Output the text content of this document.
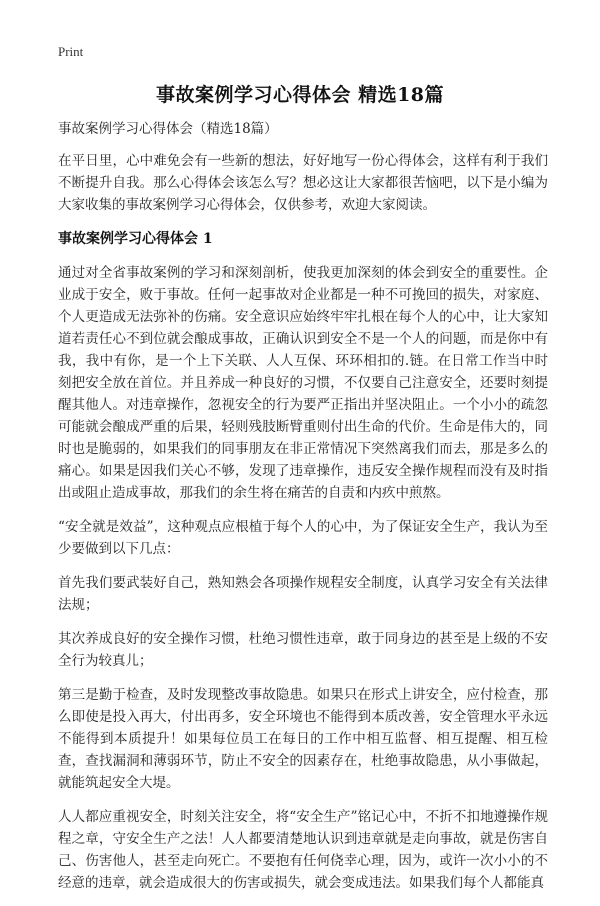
Print
事故案例学习心得体会 精选18篇
事故案例学习心得体会（精选18篇）

在平日里，心中难免会有一些新的想法，好好地写一份心得体会，这样有利于我们不断提升自我。那么心得体会该怎么写？想必这让大家都很苦恼吧，以下是小编为大家收集的事故案例学习心得体会，仅供参考，欢迎大家阅读。

事故案例学习心得体会 1

通过对全省事故案例的学习和深刻剖析，使我更加深刻的体会到安全的重要性。企业成于安全，败于事故。任何一起事故对企业都是一种不可挽回的损失，对家庭、个人更造成无法弥补的伤痛。安全意识应始终牢牢扎根在每个人的心中，让大家知道若责任心不到位就会酿成事故，正确认识到安全不是一个人的问题，而是你中有我，我中有你，是一个上下关联、人人互保、环环相扣的.链。在日常工作当中时刻把安全放在首位。并且养成一种良好的习惯，不仅要自己注意安全，还要时刻提醒其他人。对违章操作，忽视安全的行为要严正指出并坚决阻止。一个小小的疏忽可能就会酿成严重的后果，轻则残肢断臂重则付出生命的代价。生命是伟大的，同时也是脆弱的，如果我们的同事朋友在非正常情况下突然离我们而去，那是多么的痛心。如果是因我们关心不够，发现了违章操作，违反安全操作规程而没有及时指出或阻止造成事故，那我们的余生将在痛苦的自责和内疚中煎熬。

“安全就是效益”，这种观点应根植于每个人的心中，为了保证安全生产，我认为至少要做到以下几点：

首先我们要武装好自己，熟知熟会各项操作规程安全制度，认真学习安全有关法律法规；

其次养成良好的安全操作习惯，杜绝习惯性违章，敢于同身边的甚至是上级的不安全行为较真儿；

第三是勤于检查，及时发现整改事故隐患。如果只在形式上讲安全，应付检查，那么即使是投入再大，付出再多，安全环境也不能得到本质改善，安全管理水平永远不能得到本质提升！如果每位员工在每日的工作中相互监督、相互提醒、相互检查，查找漏洞和薄弱环节，防止不安全的因素存在，杜绝事故隐患，从小事做起，就能筑起安全大堤。

人人都应重视安全，时刻关注安全，将“安全生产”铭记心中，不折不扣地遵操作规程之章，守安全生产之法！人人都要清楚地认识到违章就是走向事故，就是伤害自己、伤害他人，甚至走向死亡。不要抱有任何侥幸心理，因为，或许一次小小的不经意的违章，就会造成很大的伤害或损失，就会变成违法。如果我们每个人都能真
